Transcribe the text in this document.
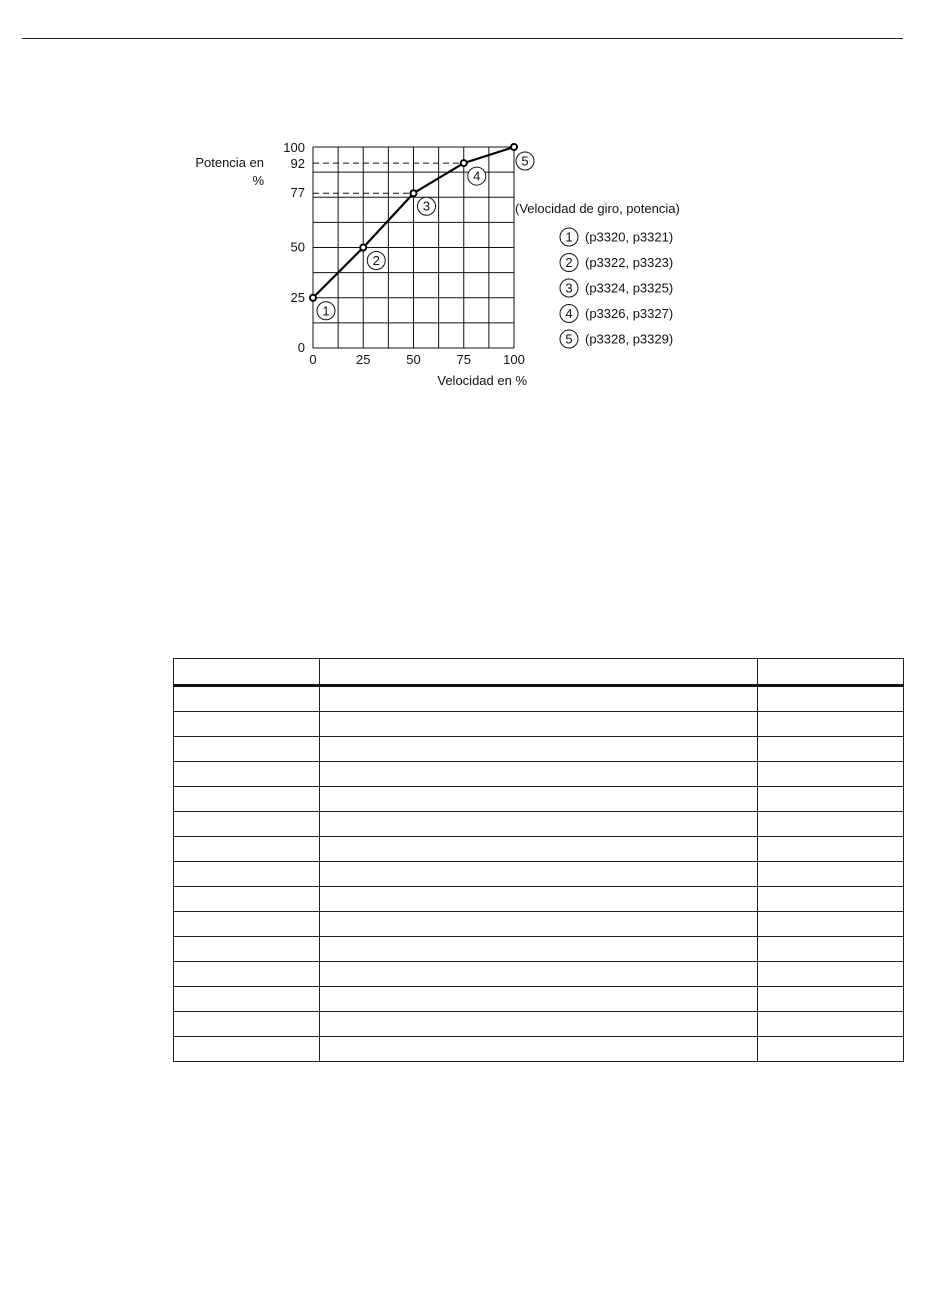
0	25	50	75 100
0
25
50
77
92
100
1
2
3
4
5
Potencia en
%
Velocidad en %
(Velocidad de giro, potencia)
1 (p3320, p3321)
2 (p3322, p3323)
3 (p3324, p3325)
4 (p3326, p3327)
5 (p3328, p3329)
